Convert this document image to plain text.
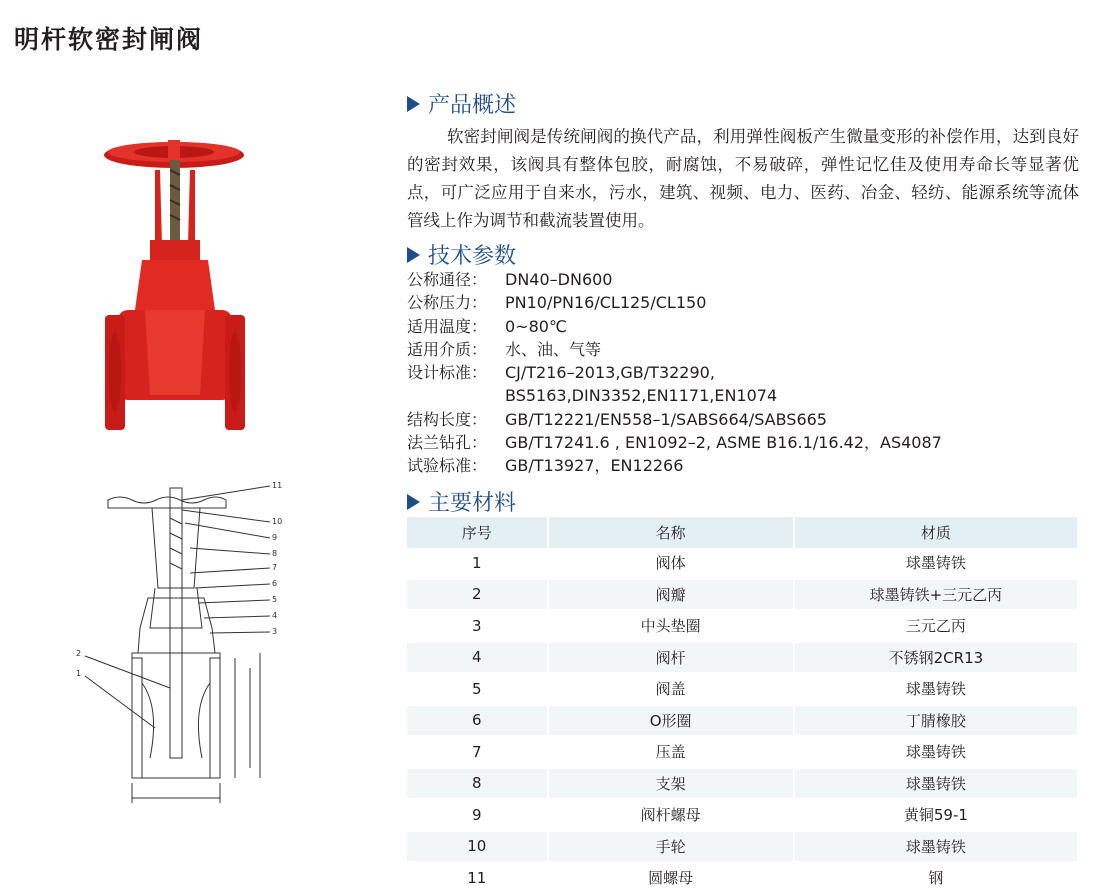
明杆软密封闸阀
11
10
9
8
7
6
5
4
3
2
1
产品概述
软密封闸阀是传统闸阀的换代产品，利用弹性阀板产生微量变形的补偿作用，达到良好的密封效果，该阀具有整体包胶，耐腐蚀，不易破碎，弹性记忆佳及使用寿命长等显著优点，可广泛应用于自来水，污水，建筑、视频、电力、医药、冶金、轻纺、能源系统等流体管线上作为调节和截流装置使用。
技术参数
公称通径：	DN40–DN600
公称压力：	PN10/PN16/CL125/CL150
适用温度：	0~80℃
适用介质：	水、油、气等
设计标准：	CJ/T216–2013,GB/T32290,
BS5163,DIN3352,EN1171,EN1074
结构长度：	GB/T12221/EN558–1/SABS664/SABS665
法兰钻孔：	GB/T17241.6 , EN1092–2, ASME B16.1/16.42，AS4087
试验标准：	GB/T13927，EN12266
主要材料
序号	名称	材质
1	阀体	球墨铸铁
2	阀瓣	球墨铸铁+三元乙丙
3	中头垫圈	三元乙丙
4	阀杆	不锈钢2CR13
5	阀盖	球墨铸铁
6	O形圈	丁腈橡胶
7	压盖	球墨铸铁
8	支架	球墨铸铁
9	阀杆螺母	黄铜59-1
10	手轮	球墨铸铁
11	圆螺母	钢
